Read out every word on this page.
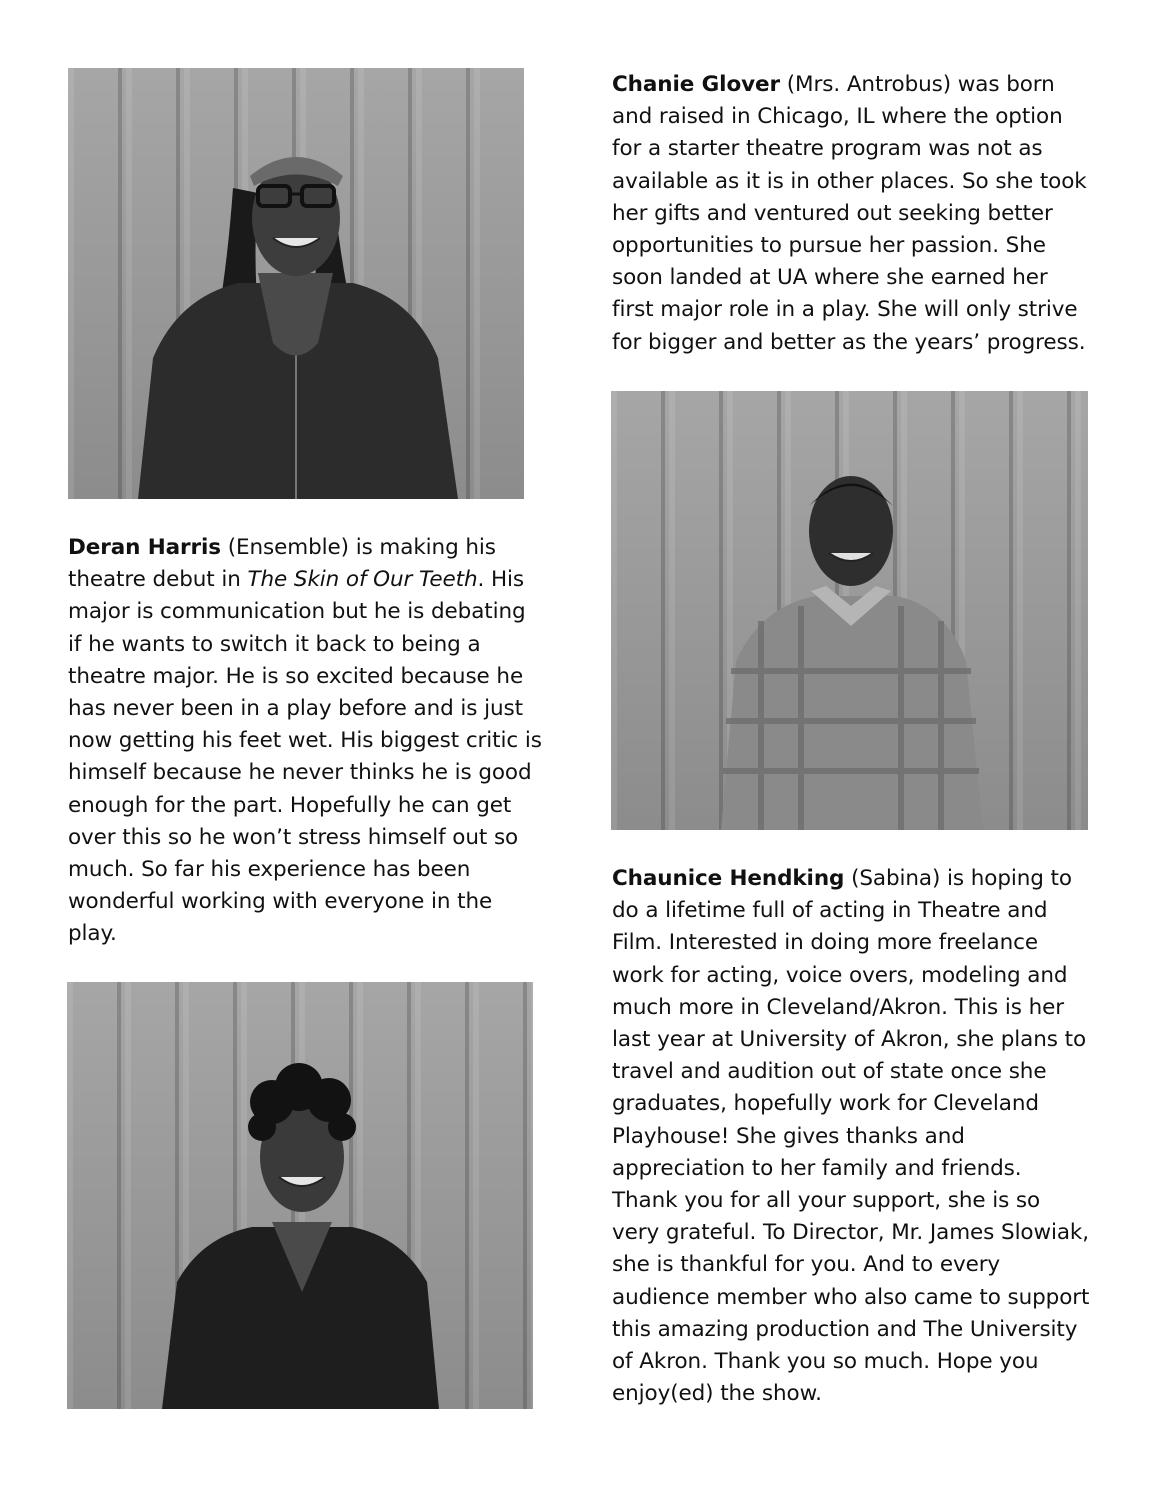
Chanie Glover (Mrs. Antrobus) was born and raised in Chicago, IL where the option for a starter theatre program was not as available as it is in other places. So she took her gifts and ventured out seeking better opportunities to pursue her passion. She soon landed at UA where she earned her first major role in a play. She will only strive for bigger and better as the years’ progress.

Deran Harris (Ensemble) is making his theatre debut in The Skin of Our Teeth. His major is communication but he is debating if he wants to switch it back to being a theatre major. He is so excited because he has never been in a play before and is just now getting his feet wet. His biggest critic is himself because he never thinks he is good enough for the part. Hopefully he can get over this so he won’t stress himself out so much. So far his experience has been wonderful working with everyone in the play.

Chaunice Hendking (Sabina) is hoping to do a lifetime full of acting in Theatre and Film. Interested in doing more freelance work for acting, voice overs, modeling and much more in Cleveland/Akron. This is her last year at University of Akron, she plans to travel and audition out of state once she graduates, hopefully work for Cleveland Playhouse! She gives thanks and appreciation to her family and friends. Thank you for all your support, she is so very grateful. To Director, Mr. James Slowiak, she is thankful for you. And to every audience member who also came to support this amazing production and The University of Akron. Thank you so much. Hope you enjoy(ed) the show.
